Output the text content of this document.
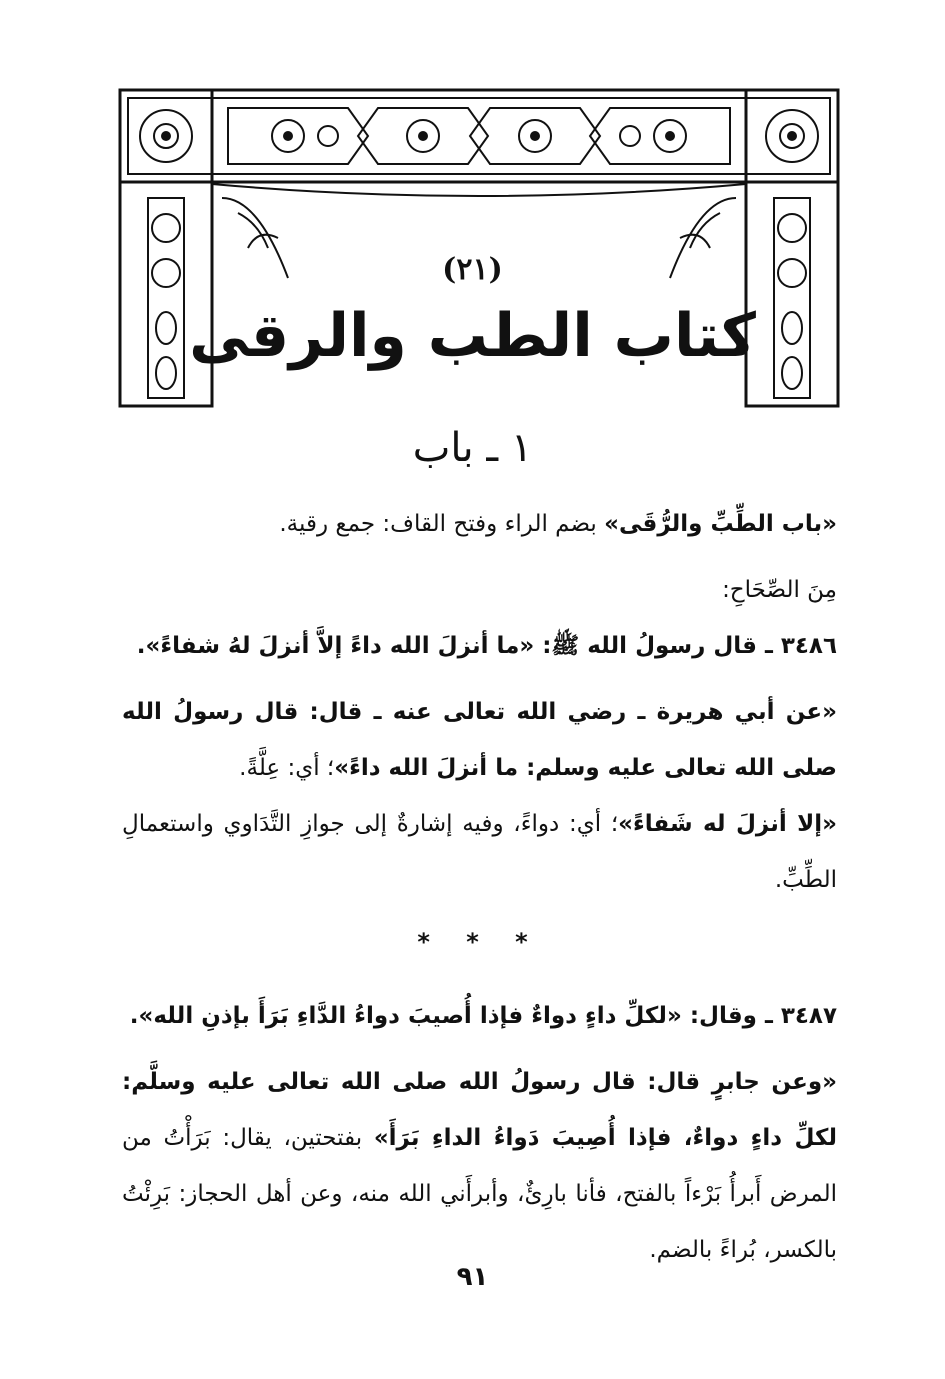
(٢١)
كتاب الطب والرقى
١ ـ باب

«باب الطِّبِّ والرُّقَى» بضم الراء وفتح القاف: جمع رقية.

مِنَ الصِّحَاحِ:

٣٤٨٦ ـ قال رسولُ الله ﷺ: «ما أنزلَ الله داءً إلاَّ أنزلَ لهُ شفاءً».

«عن أبي هريرة ـ رضي الله تعالى عنه ـ قال: قال رسولُ الله صلى الله تعالى عليه وسلم: ما أنزلَ الله داءً»؛ أي: عِلَّةً.

«إلا أنزلَ له شَفاءً»؛ أي: دواءً، وفيه إشارةٌ إلى جوازِ التَّدَاوي واستعمالِ الطِّبِّ.

* * *

٣٤٨٧ ـ وقال: «لكلِّ داءٍ دواءٌ فإذا أُصيبَ دواءُ الدَّاءِ بَرَأَ بإذنِ الله».

«وعن جابرٍ قال: قال رسولُ الله صلى الله تعالى عليه وسلَّم: لكلِّ داءٍ دواءٌ، فإذا أُصِيبَ دَواءُ الداءِ بَرَأَ» بفتحتين، يقال: بَرَأْتُ من المرض أَبرأُ بَرْءاً بالفتح، فأنا بارِئٌ، وأبرأَني الله منه، وعن أهل الحجاز: بَرِئْتُ بالكسر، بُراءً بالضم.

٩١
